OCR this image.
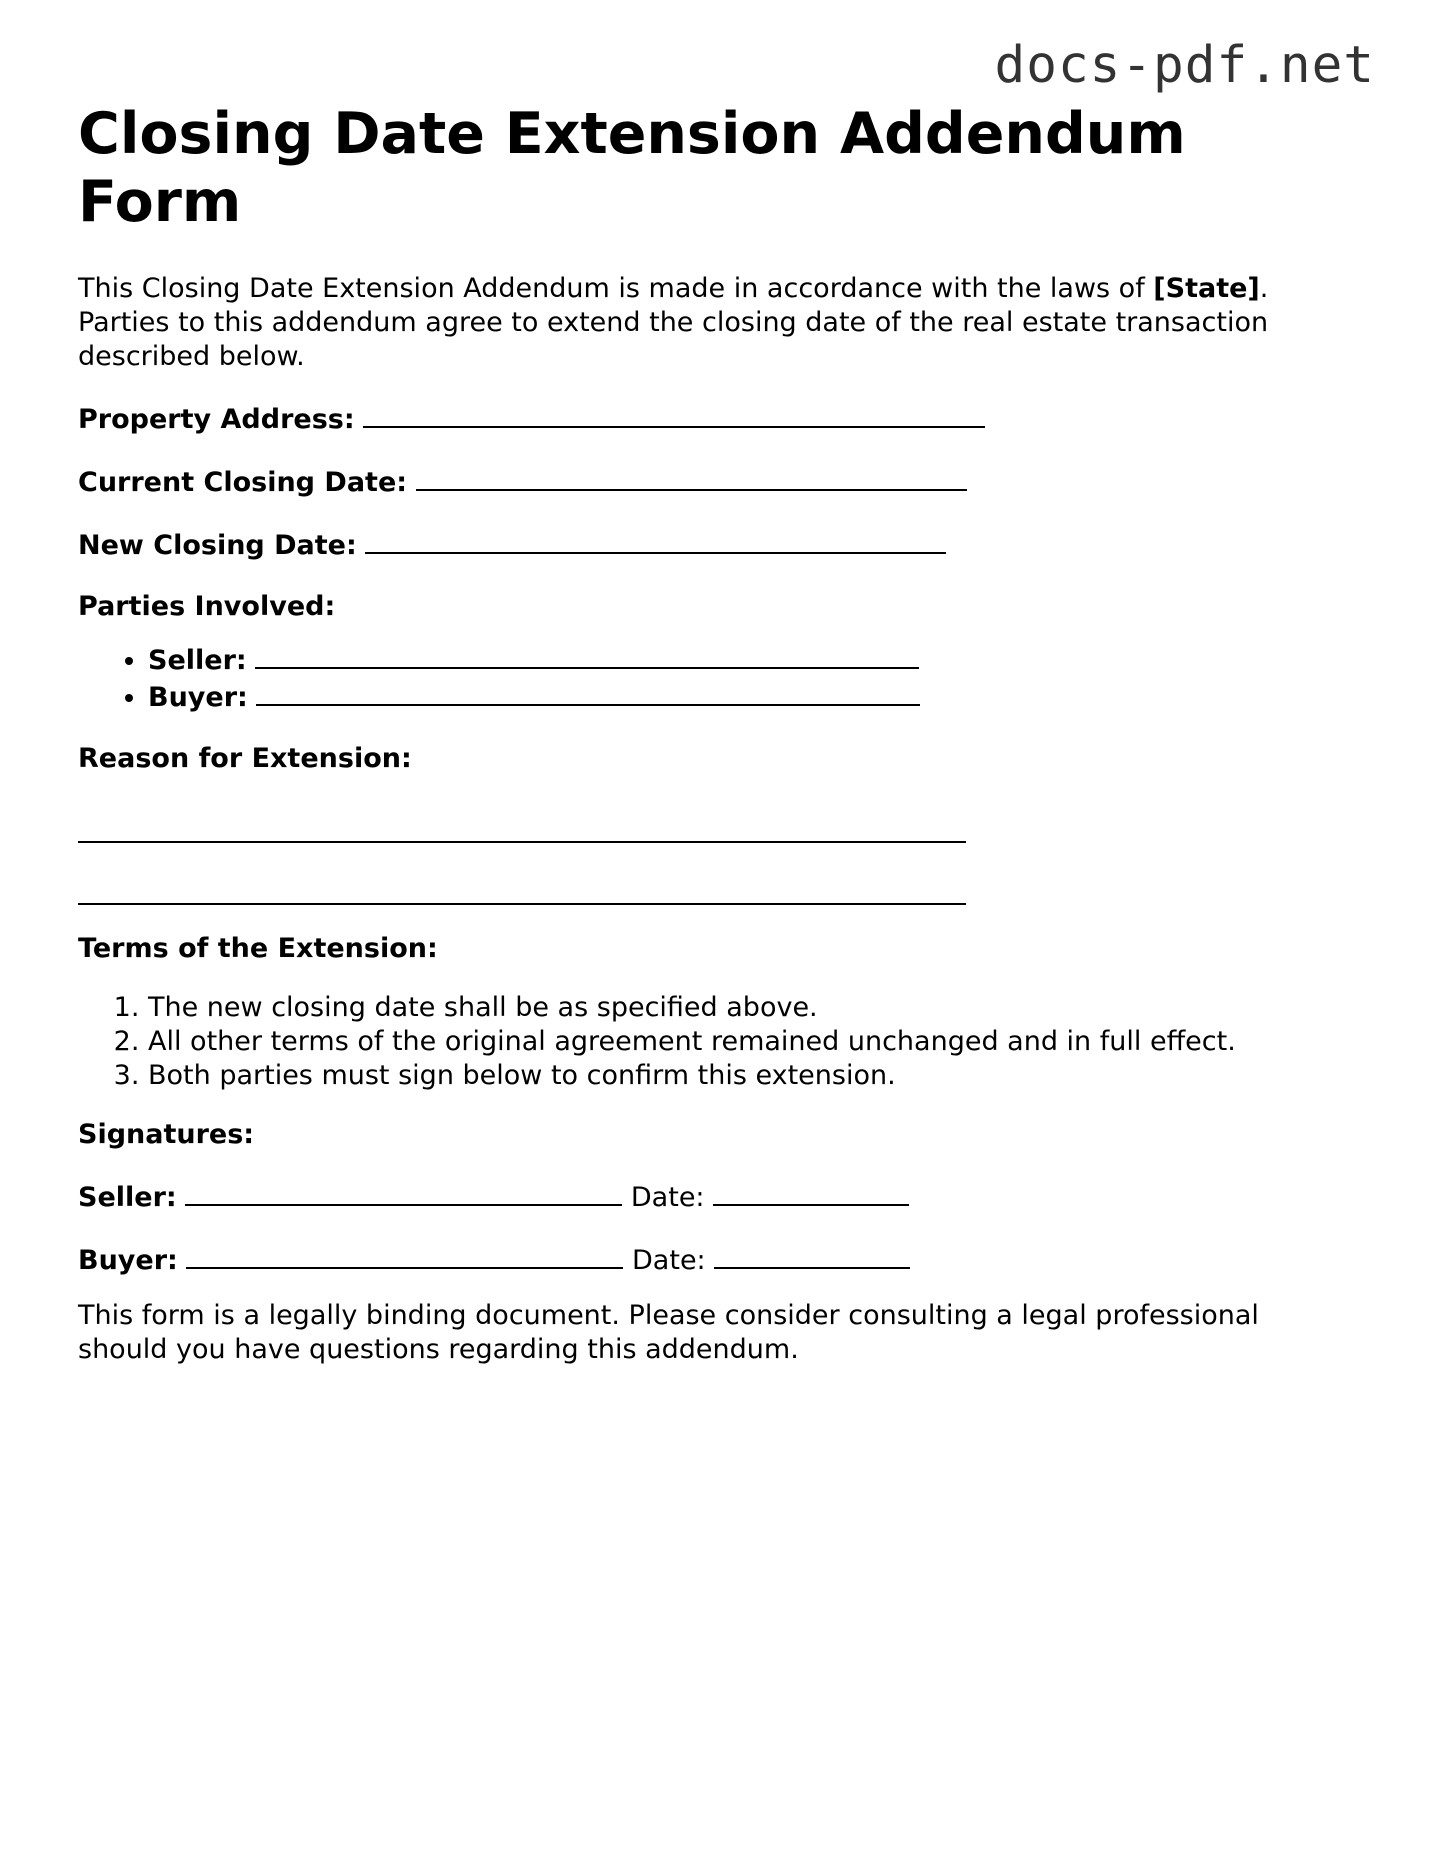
docs-pdf.net
Closing Date Extension Addendum Form

This Closing Date Extension Addendum is made in accordance with the laws of [State]. Parties to this addendum agree to extend the closing date of the real estate transaction described below.

Property Address:

Current Closing Date:

New Closing Date:

Parties Involved:

• Seller:
• Buyer:

Reason for Extension:

Terms of the Extension:

1. The new closing date shall be as specified above.
2. All other terms of the original agreement remained unchanged and in full effect.
3. Both parties must sign below to confirm this extension.

Signatures:

Seller:	Date:

Buyer:	Date:

This form is a legally binding document. Please consider consulting a legal professional should you have questions regarding this addendum.
